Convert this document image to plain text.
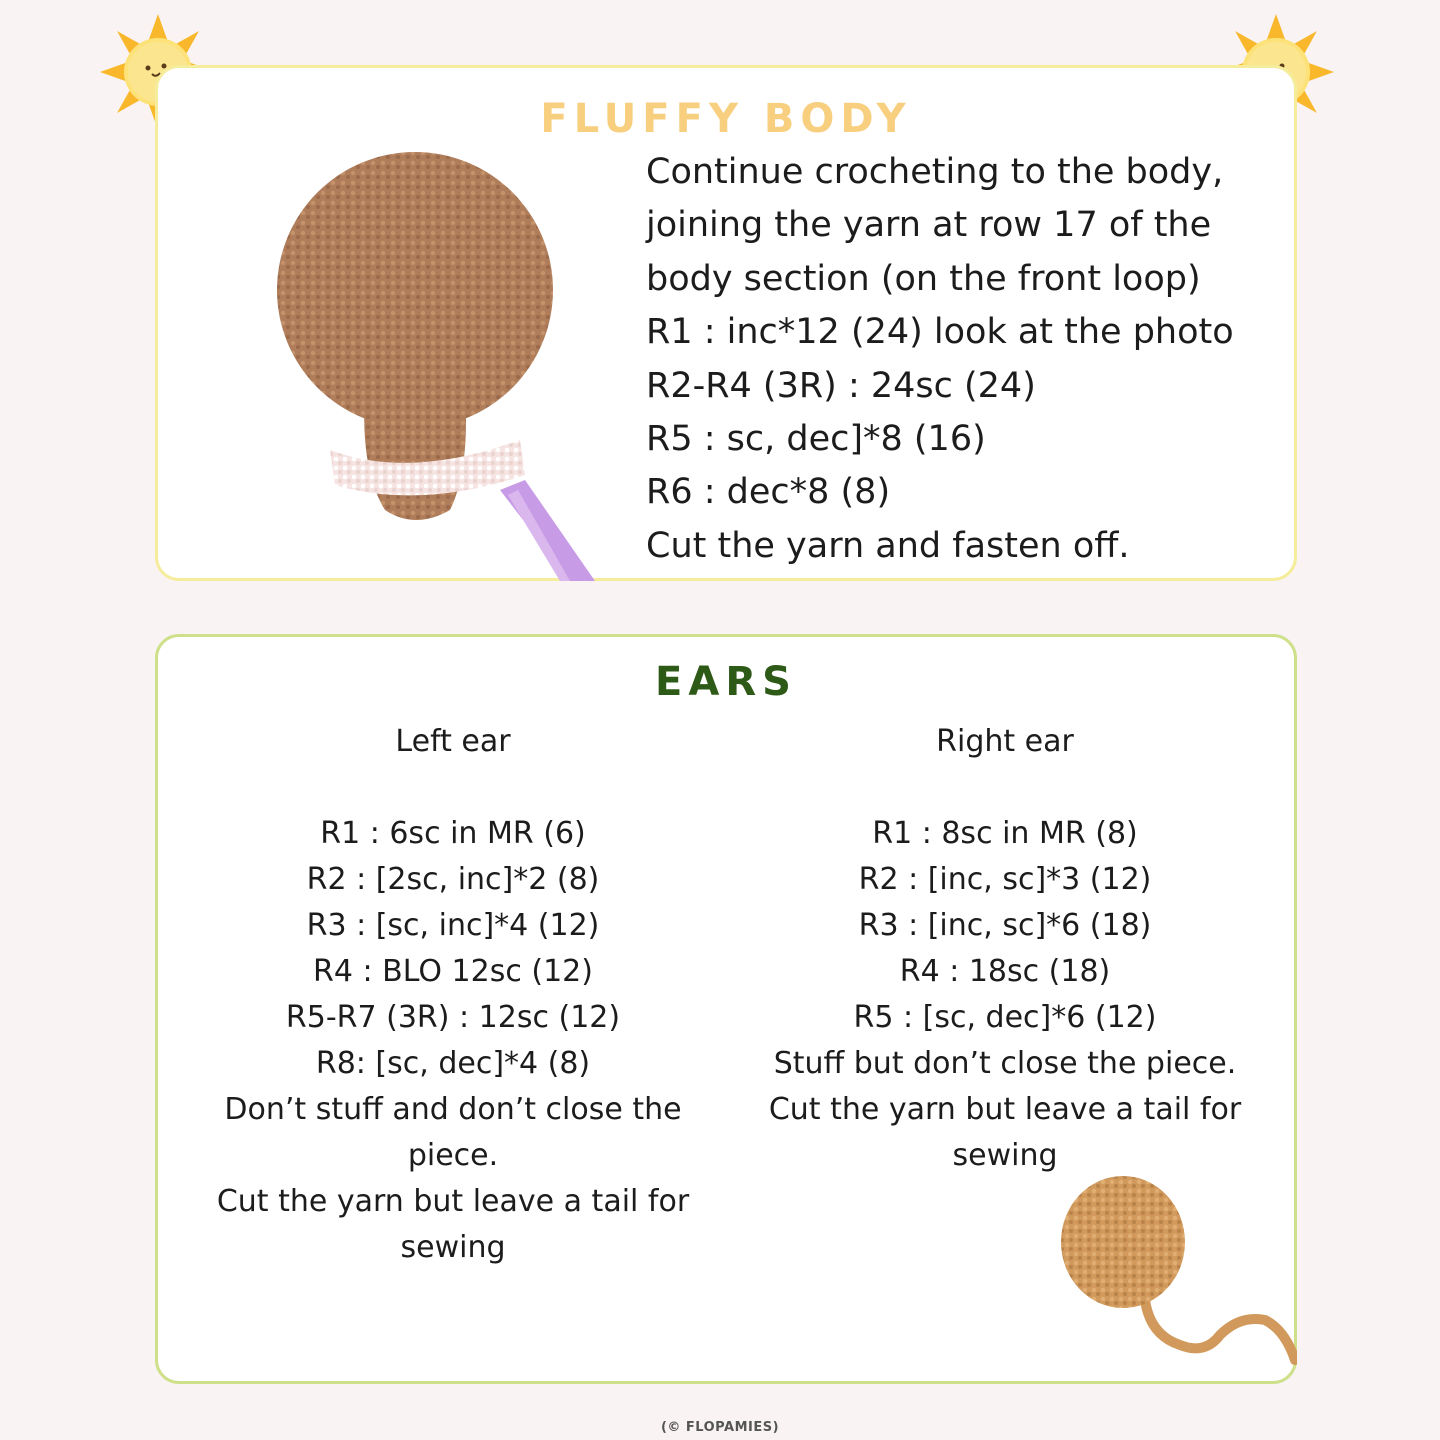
FLUFFY BODY
Continue crocheting to the body,
joining the yarn at row 17 of the
body section (on the front loop)
R1 : inc*12 (24) look at the photo
R2-R4 (3R) : 24sc (24)
R5 : sc, dec]*8 (16)
R6 : dec*8 (8)
Cut the yarn and fasten off.
EARS

Left ear

R1 : 6sc in MR (6)
R2 : [2sc, inc]*2 (8)
R3 : [sc, inc]*4 (12)
R4 : BLO 12sc (12)
R5-R7 (3R) : 12sc (12)
R8: [sc, dec]*4 (8)
Don’t stuff and don’t close the
piece.
Cut the yarn but leave a tail for
sewing

Right ear

R1 : 8sc in MR (8)
R2 : [inc, sc]*3 (12)
R3 : [inc, sc]*6 (18)
R4 : 18sc (18)
R5 : [sc, dec]*6 (12)
Stuff but don’t close the piece.
Cut the yarn but leave a tail for
sewing
(© FLOPAMIES)
